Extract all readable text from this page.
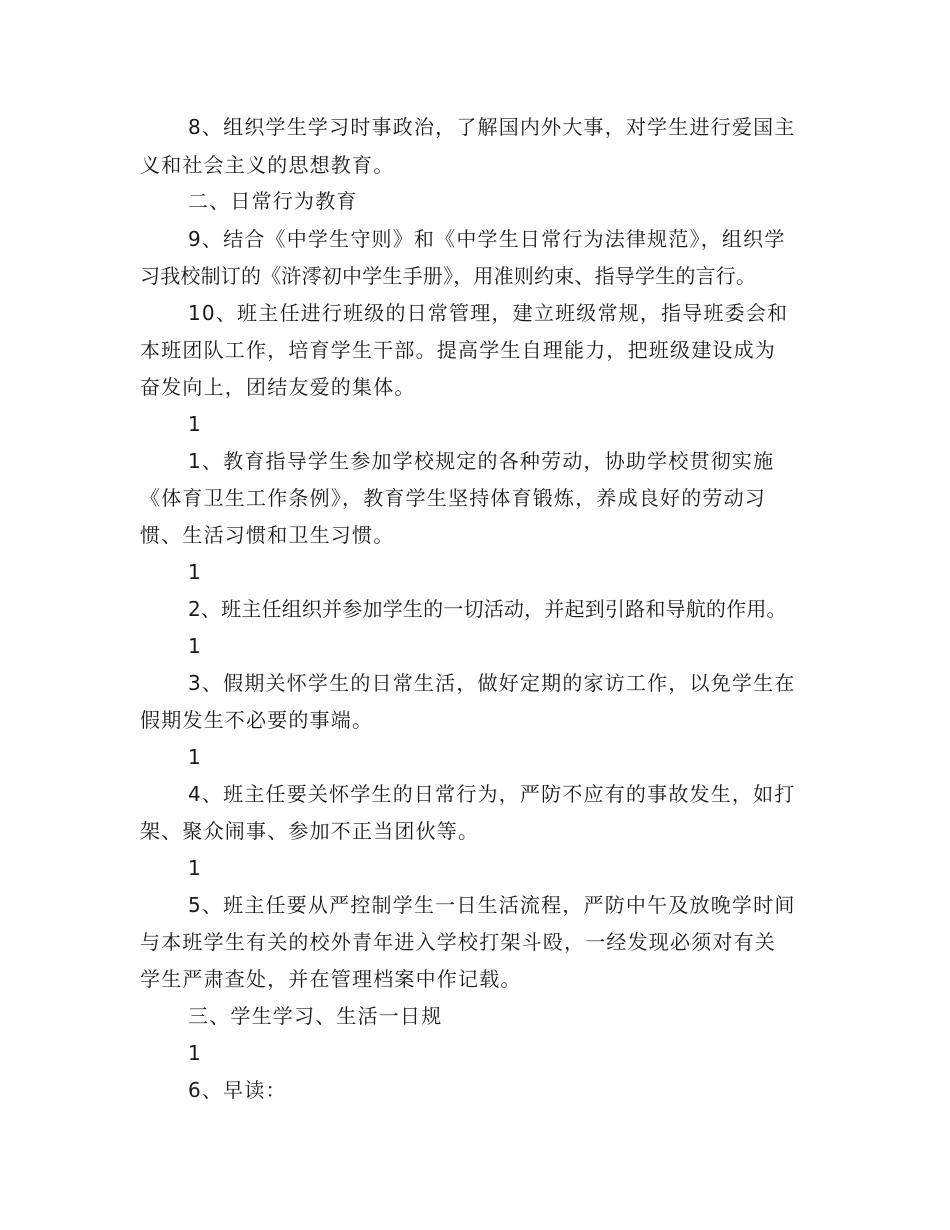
8、组织学生学习时事政治，了解国内外大事，对学生进行爱国主
义和社会主义的思想教育。
二、日常行为教育
9、结合《中学生守则》和《中学生日常行为法律规范》，组织学
习我校制订的《浒澪初中学生手册》，用准则约束、指导学生的言行。
10、班主任进行班级的日常管理，建立班级常规，指导班委会和
本班团队工作，培育学生干部。提高学生自理能力，把班级建设成为
奋发向上，团结友爱的集体。
1
1、教育指导学生参加学校规定的各种劳动，协助学校贯彻实施
《体育卫生工作条例》，教育学生坚持体育锻炼，养成良好的劳动习
惯、生活习惯和卫生习惯。
1
2、班主任组织并参加学生的一切活动，并起到引路和导航的作用。
1
3、假期关怀学生的日常生活，做好定期的家访工作，以免学生在
假期发生不必要的事端。
1
4、班主任要关怀学生的日常行为，严防不应有的事故发生，如打
架、聚众闹事、参加不正当团伙等。
1
5、班主任要从严控制学生一日生活流程，严防中午及放晚学时间
与本班学生有关的校外青年进入学校打架斗殴，一经发现必须对有关
学生严肃查处，并在管理档案中作记载。
三、学生学习、生活一日规
1
6、早读：
